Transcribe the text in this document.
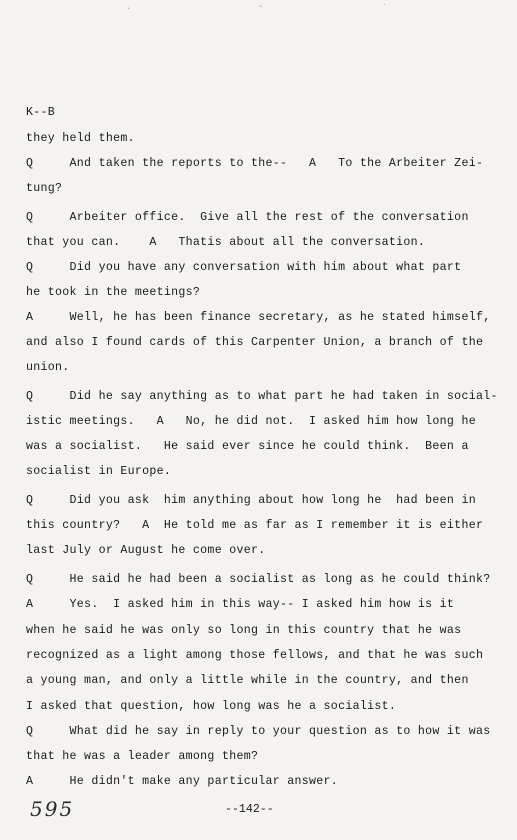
·	˘	˙
K--B
they held them.
Q     And taken the reports to the--   A   To the Arbeiter Zei-
tung?
Q     Arbeiter office.  Give all the rest of the conversation
that you can.    A   Thatis about all the conversation.
Q     Did you have any conversation with him about what part
he took in the meetings?
A     Well, he has been finance secretary, as he stated himself,
and also I found cards of this Carpenter Union, a branch of the
union.
Q     Did he say anything as to what part he had taken in social-
istic meetings.   A   No, he did not.  I asked him how long he
was a socialist.   He said ever since he could think.  Been a
socialist in Europe.
Q     Did you ask  him anything about how long he  had been in
this country?   A  He told me as far as I remember it is either
last July or August he come over.
Q     He said he had been a socialist as long as he could think?
A     Yes.  I asked him in this way-- I asked him how is it
when he said he was only so long in this country that he was
recognized as a light among those fellows, and that he was such
a young man, and only a little while in the country, and then
I asked that question, how long was he a socialist.
Q     What did he say in reply to your question as to how it was
that he was a leader among them?
A     He didn't make any particular answer.
595	--142--
